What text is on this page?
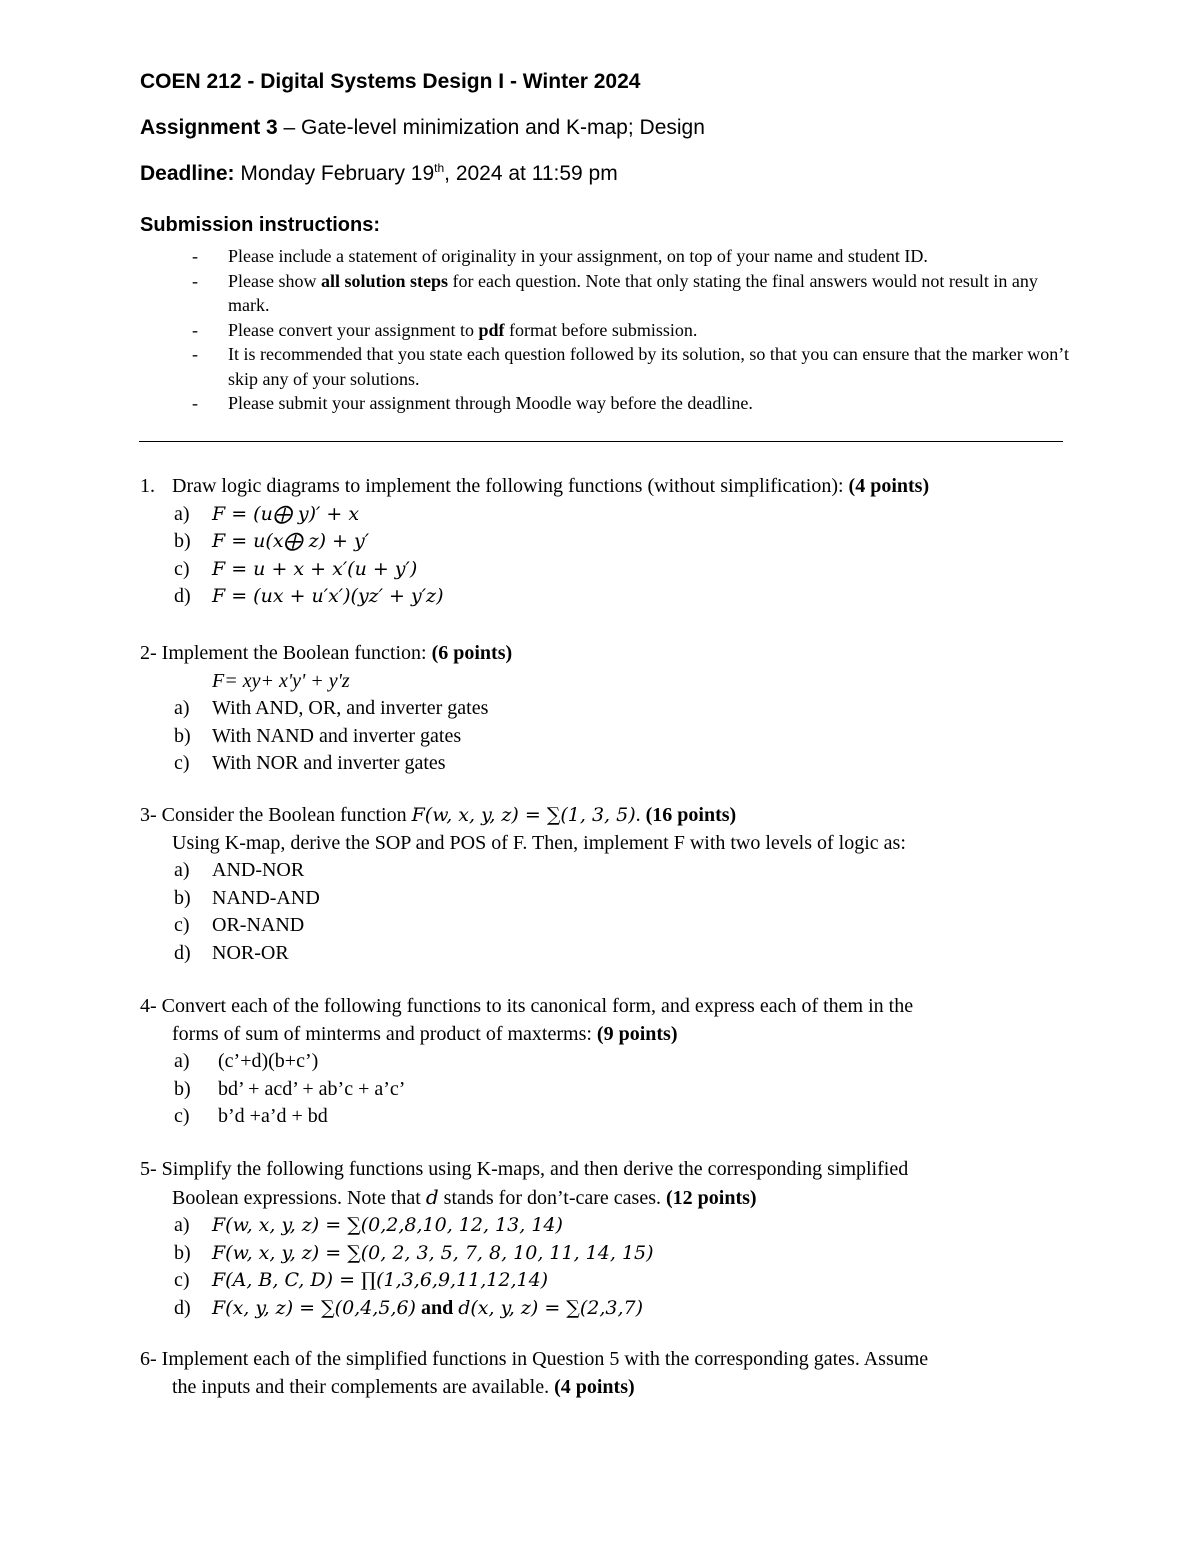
COEN 212 - Digital Systems Design I - Winter 2024
Assignment 3 – Gate-level minimization and K-map; Design
Deadline: Monday February 19th, 2024 at 11:59 pm
Submission instructions:
- Please include a statement of originality in your assignment, on top of your name and student ID.
- Please show all solution steps for each question. Note that only stating the final answers would not result in any mark.
- Please convert your assignment to pdf format before submission.
- It is recommended that you state each question followed by its solution, so that you can ensure that the marker won’t skip any of your solutions.
- Please submit your assignment through Moodle way before the deadline.
1. Draw logic diagrams to implement the following functions (without simplification): (4 points)
a) F = (u⨁ y)′ + x
b) F = u(x⨁ z) + y′
c) F = u + x + x′(u + y′)
d) F = (ux + u′x′)(yz′ + y′z)
2- Implement the Boolean function: (6 points)
F= xy+ x'y' + y'z
a) With AND, OR, and inverter gates
b) With NAND and inverter gates
c) With NOR and inverter gates
3- Consider the Boolean function F(w, x, y, z) = ∑(1, 3, 5). (16 points)
Using K-map, derive the SOP and POS of F. Then, implement F with two levels of logic as:
a) AND-NOR
b) NAND-AND
c) OR-NAND
d) NOR-OR
4- Convert each of the following functions to its canonical form, and express each of them in the
forms of sum of minterms and product of maxterms: (9 points)
a) (c’+d)(b+c’)
b) bd’ + acd’ + ab’c + a’c’
c) b’d +a’d + bd
5- Simplify the following functions using K-maps, and then derive the corresponding simplified
Boolean expressions. Note that d stands for don’t-care cases. (12 points)
a) F(w, x, y, z) = ∑(0,2,8,10, 12, 13, 14)
b) F(w, x, y, z) = ∑(0, 2, 3, 5, 7, 8, 10, 11, 14, 15)
c) F(A, B, C, D) = ∏(1,3,6,9,11,12,14)
d) F(x, y, z) = ∑(0,4,5,6) and d(x, y, z) = ∑(2,3,7)
6- Implement each of the simplified functions in Question 5 with the corresponding gates. Assume
the inputs and their complements are available. (4 points)
